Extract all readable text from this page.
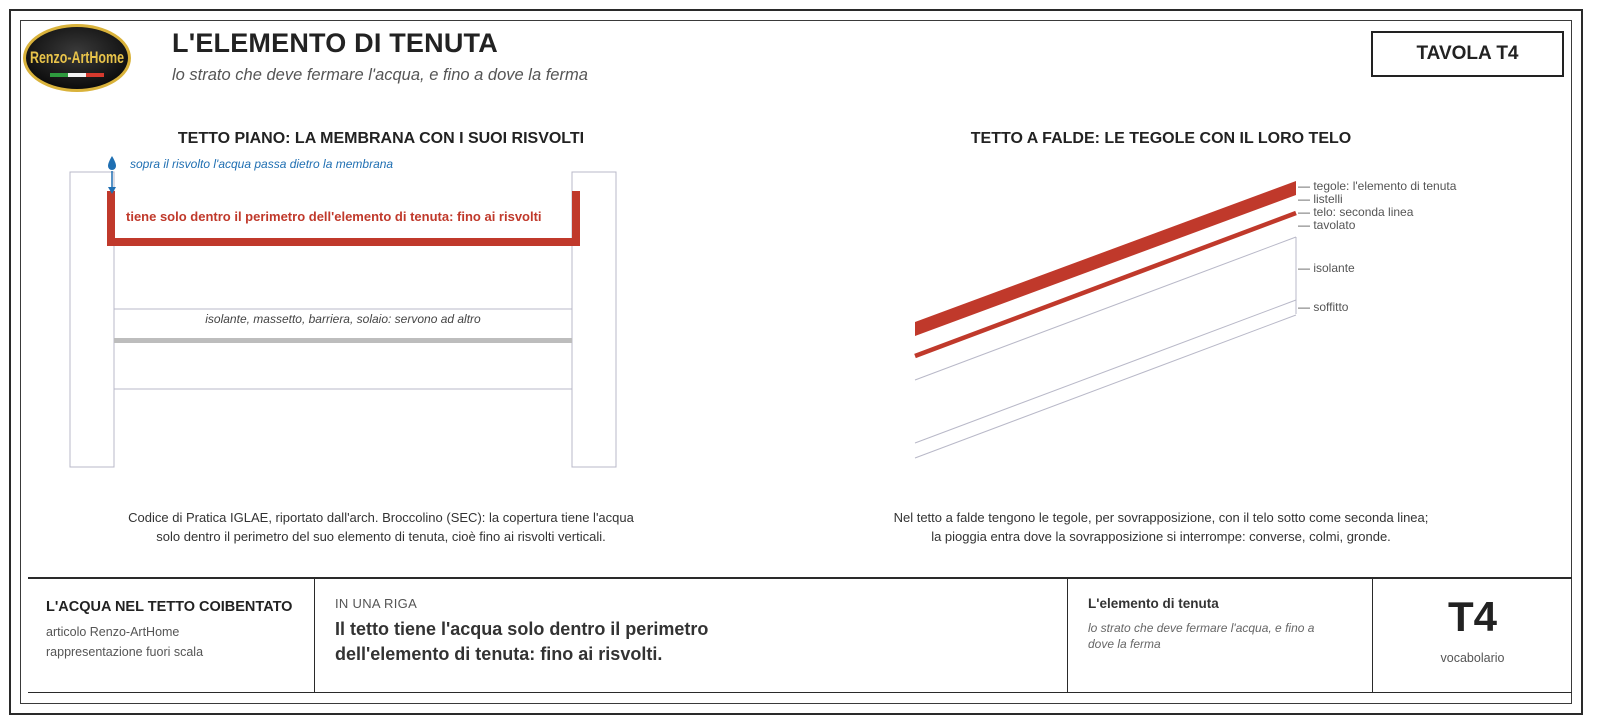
Renzo-ArtHome L'ELEMENTO DI TENUTA
lo strato che deve fermare l'acqua, e fino a dove la ferma
TAVOLA T4
TETTO PIANO: LA MEMBRANA CON I SUOI RISVOLTI
isolante, massetto, barriera, solaio: servono ad altro
tiene solo dentro il perimetro dell'elemento di tenuta: fino ai risvolti
sopra il risvolto l'acqua passa dietro la membrana
TETTO A FALDE: LE TEGOLE CON IL LORO TELO
— tegole: l'elemento di tenuta
— listelli
— telo: seconda linea
— tavolato
— isolante
— soffitto
Codice di Pratica IGLAE, riportato dall'arch. Broccolino (SEC): la copertura tiene l'acqua
solo dentro il perimetro del suo elemento di tenuta, cioè fino ai risvolti verticali.
Nel tetto a falde tengono le tegole, per sovrapposizione, con il telo sotto come seconda linea;
la pioggia entra dove la sovrapposizione si interrompe: converse, colmi, gronde.
L'ACQUA NEL TETTO COIBENTATO
articolo Renzo-ArtHome
rappresentazione fuori scala
IN UNA RIGA
Il tetto tiene l'acqua solo dentro il perimetro dell'elemento di tenuta: fino ai risvolti.
L'elemento di tenuta
lo strato che deve fermare l'acqua, e fino a dove la ferma
T4
vocabolario
